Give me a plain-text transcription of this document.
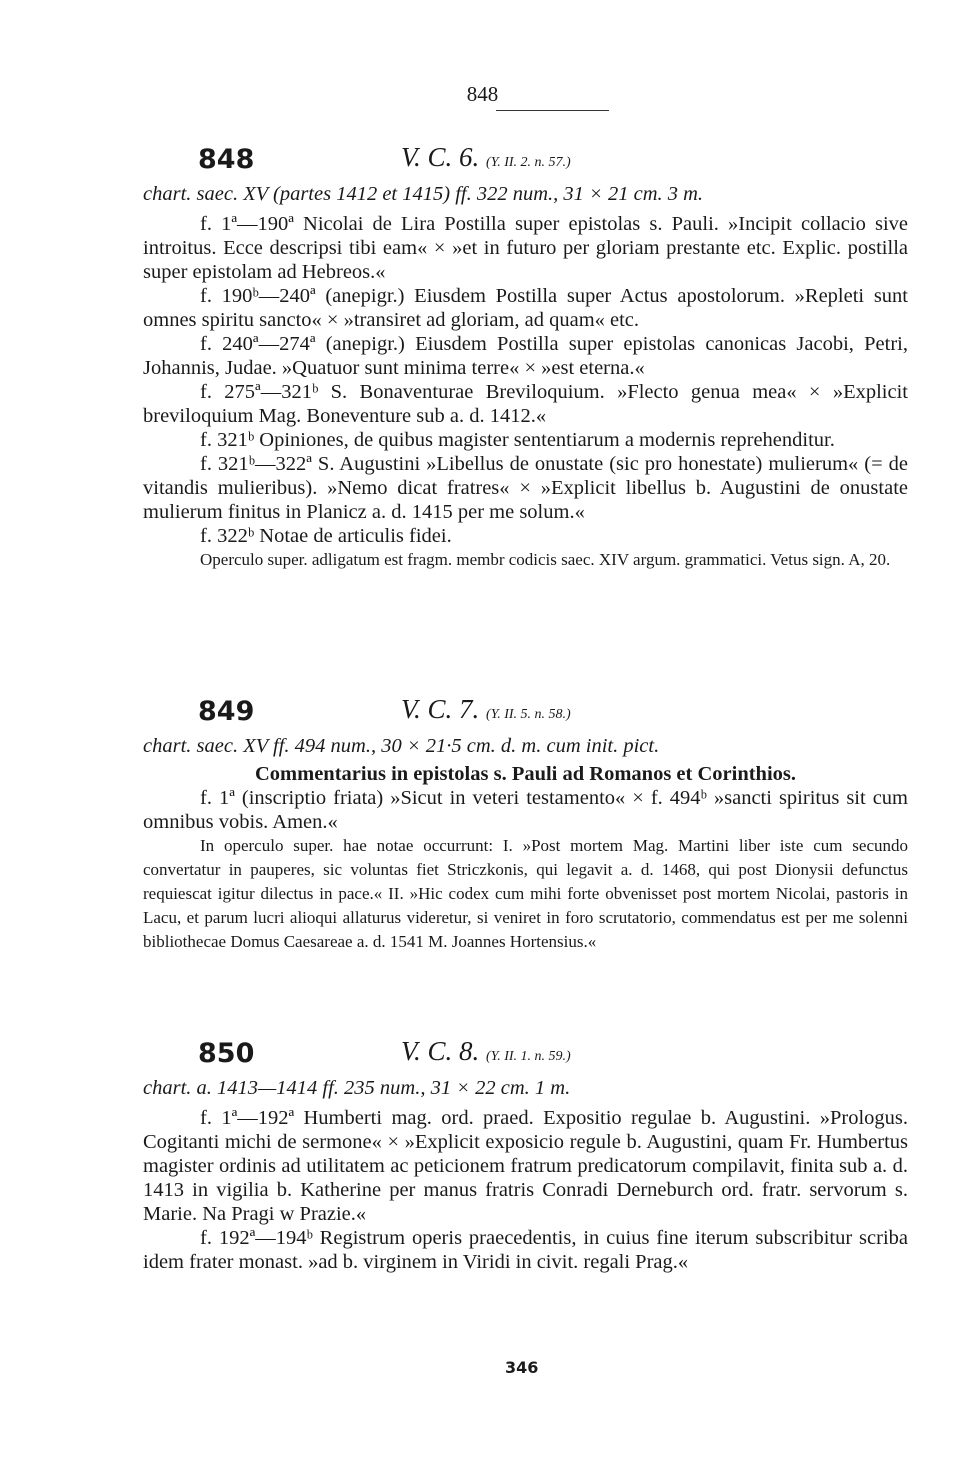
848
848	V. C. 6. (Y. II. 2. n. 57.)

chart. saec. XV (partes 1412 et 1415) ff. 322 num., 31 × 21 cm. 3 m.

f. 1ª—190ª Nicolai de Lira Postilla super epistolas s. Pauli. »Incipit collacio sive introitus. Ecce descripsi tibi eam« × »et in futuro per gloriam prestante etc. Explic. postilla super epistolam ad Hebreos.«

f. 190ᵇ—240ª (anepigr.) Eiusdem Postilla super Actus apostolorum. »Repleti sunt omnes spiritu sancto« × »transiret ad gloriam, ad quam« etc.

f. 240ª—274ª (anepigr.) Eiusdem Postilla super epistolas canonicas Jacobi, Petri, Johannis, Judae. »Quatuor sunt minima terre« × »est eterna.«

f. 275ª—321ᵇ S. Bonaventurae Breviloquium. »Flecto genua mea« × »Explicit breviloquium Mag. Boneventure sub a. d. 1412.«

f. 321ᵇ Opiniones, de quibus magister sententiarum a modernis reprehenditur.

f. 321ᵇ—322ª S. Augustini »Libellus de onustate (sic pro honestate) mulierum« (= de vitandis mulieribus). »Nemo dicat fratres« × »Explicit libellus b. Augustini de onustate mulierum finitus in Planicz a. d. 1415 per me solum.«

f. 322ᵇ Notae de articulis fidei.

Operculo super. adligatum est fragm. membr codicis saec. XIV argum. grammatici. Vetus sign. A, 20.

849	V. C. 7. (Y. II. 5. n. 58.)

chart. saec. XV ff. 494 num., 30 × 21·5 cm. d. m. cum init. pict.

Commentarius in epistolas s. Pauli ad Romanos et Corinthios.

f. 1ª (inscriptio friata) »Sicut in veteri testamento« × f. 494ᵇ »sancti spiritus sit cum omnibus vobis. Amen.«

In operculo super. hae notae occurrunt: I. »Post mortem Mag. Martini liber iste cum secundo convertatur in pauperes, sic voluntas fiet Striczkonis, qui legavit a. d. 1468, qui post Dionysii defunctus requiescat igitur dilectus in pace.« II. »Hic codex cum mihi forte obvenisset post mortem Nicolai, pastoris in Lacu, et parum lucri alioqui allaturus videretur, si veniret in foro scrutatorio, commendatus est per me solenni bibliothecae Domus Caesareae a. d. 1541 M. Joannes Hortensius.«

850	V. C. 8. (Y. II. 1. n. 59.)

chart. a. 1413—1414 ff. 235 num., 31 × 22 cm. 1 m.

f. 1ª—192ª Humberti mag. ord. praed. Expositio regulae b. Augustini. »Prologus. Cogitanti michi de sermone« × »Explicit exposicio regule b. Augustini, quam Fr. Humbertus magister ordinis ad utilitatem ac peticionem fratrum predicatorum compilavit, finita sub a. d. 1413 in vigilia b. Katherine per manus fratris Conradi Derneburch ord. fratr. servorum s. Marie. Na Pragi w Prazie.«

f. 192ª—194ᵇ Registrum operis praecedentis, in cuius fine iterum subscribitur scriba idem frater monast. »ad b. virginem in Viridi in civit. regali Prag.«

346
